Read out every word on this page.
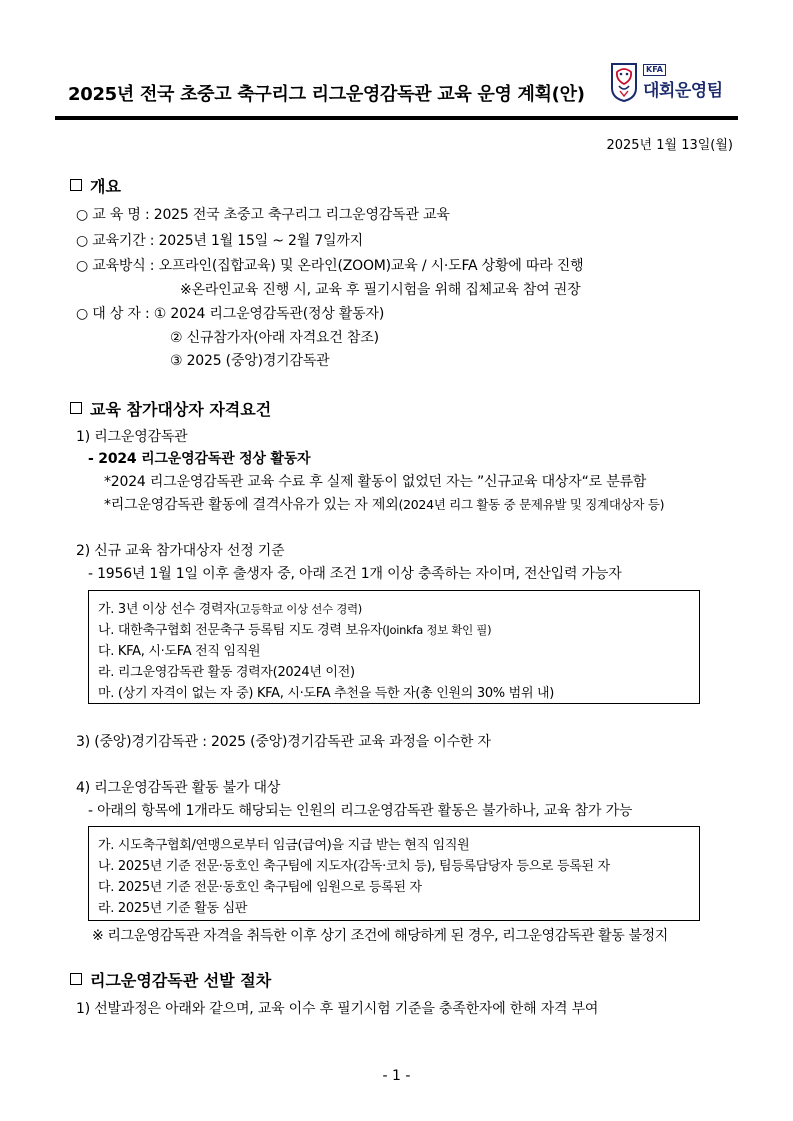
2025년 전국 초중고 축구리그 리그운영감독관 교육 운영 계획(안)
KFA
대회운영팀
2025년 1월 13일(월)
개요
○ 교 육 명 : 2025 전국 초중고 축구리그 리그운영감독관 교육
○ 교육기간 : 2025년 1월 15일 ~ 2월 7일까지
○ 교육방식 : 오프라인(집합교육) 및 온라인(ZOOM)교육 / 시·도FA 상황에 따라 진행
※온라인교육 진행 시, 교육 후 필기시험을 위해 집체교육 참여 권장
○ 대 상 자 : ① 2024 리그운영감독관(정상 활동자)
② 신규참가자(아래 자격요건 참조)
③ 2025 (중앙)경기감독관
교육 참가대상자 자격요건
1) 리그운영감독관
- 2024 리그운영감독관 정상 활동자
*2024 리그운영감독관 교육 수료 후 실제 활동이 없었던 자는 ”신규교육 대상자“로 분류함
*리그운영감독관 활동에 결격사유가 있는 자 제외(2024년 리그 활동 중 문제유발 및 징계대상자 등)
2) 신규 교육 참가대상자 선정 기준
- 1956년 1월 1일 이후 출생자 중, 아래 조건 1개 이상 충족하는 자이며, 전산입력 가능자
가. 3년 이상 선수 경력자(고등학교 이상 선수 경력)
나. 대한축구협회 전문축구 등록팀 지도 경력 보유자(Joinkfa 정보 확인 필)
다. KFA, 시·도FA 전직 임직원
라. 리그운영감독관 활동 경력자(2024년 이전)
마. (상기 자격이 없는 자 중) KFA, 시·도FA 추천을 득한 자(총 인원의 30% 범위 내)
3) (중앙)경기감독관 : 2025 (중앙)경기감독관 교육 과정을 이수한 자
4) 리그운영감독관 활동 불가 대상
- 아래의 항목에 1개라도 해당되는 인원의 리그운영감독관 활동은 불가하나, 교육 참가 가능
가. 시도축구협회/연맹으로부터 임금(급여)을 지급 받는 현직 임직원
나. 2025년 기준 전문·동호인 축구팀에 지도자(감독·코치 등), 팀등록담당자 등으로 등록된 자
다. 2025년 기준 전문·동호인 축구팀에 임원으로 등록된 자
라. 2025년 기준 활동 심판
※ 리그운영감독관 자격을 취득한 이후 상기 조건에 해당하게 된 경우, 리그운영감독관 활동 불정지
리그운영감독관 선발 절차
1) 선발과정은 아래와 같으며, 교육 이수 후 필기시험 기준을 충족한자에 한해 자격 부여
- 1 -
